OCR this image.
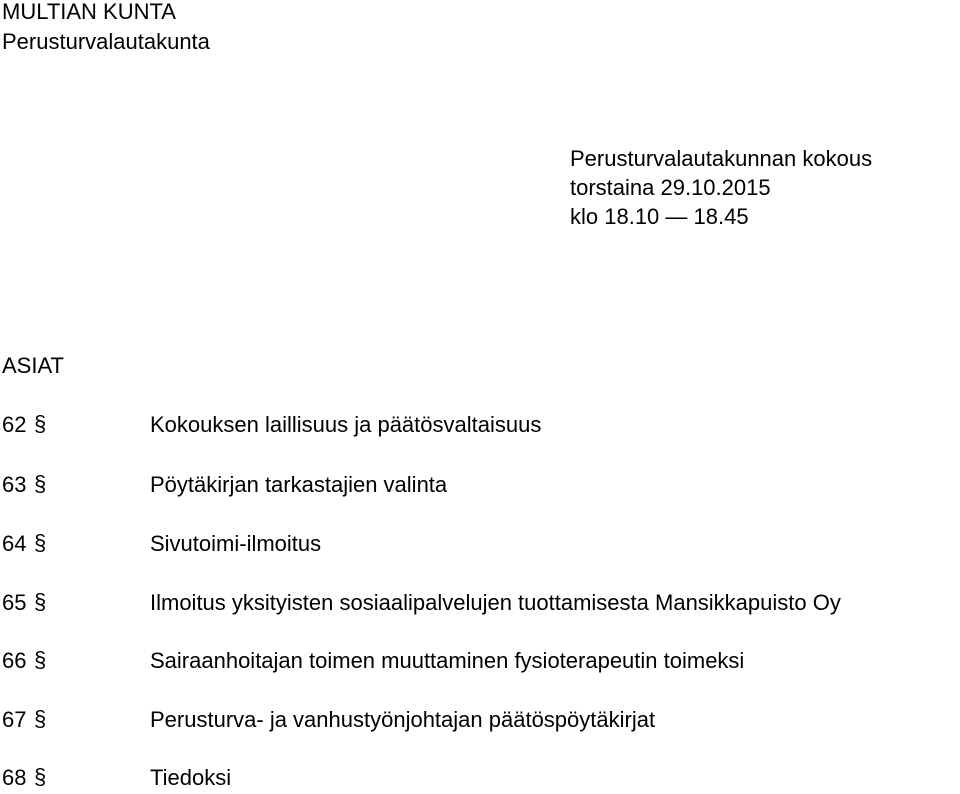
MULTIAN KUNTA
Perusturvalautakunta
Perusturvalautakunnan kokous
torstaina 29.10.2015
klo 18.10 — 18.45
ASIAT
62 §	Kokouksen laillisuus ja päätösvaltaisuus
63 §	Pöytäkirjan tarkastajien valinta
64 §	Sivutoimi-ilmoitus
65 §	Ilmoitus yksityisten sosiaalipalvelujen tuottamisesta Mansikkapuisto Oy
66 §	Sairaanhoitajan toimen muuttaminen fysioterapeutin toimeksi
67 §	Perusturva- ja vanhustyönjohtajan päätöspöytäkirjat
68 §	Tiedoksi
